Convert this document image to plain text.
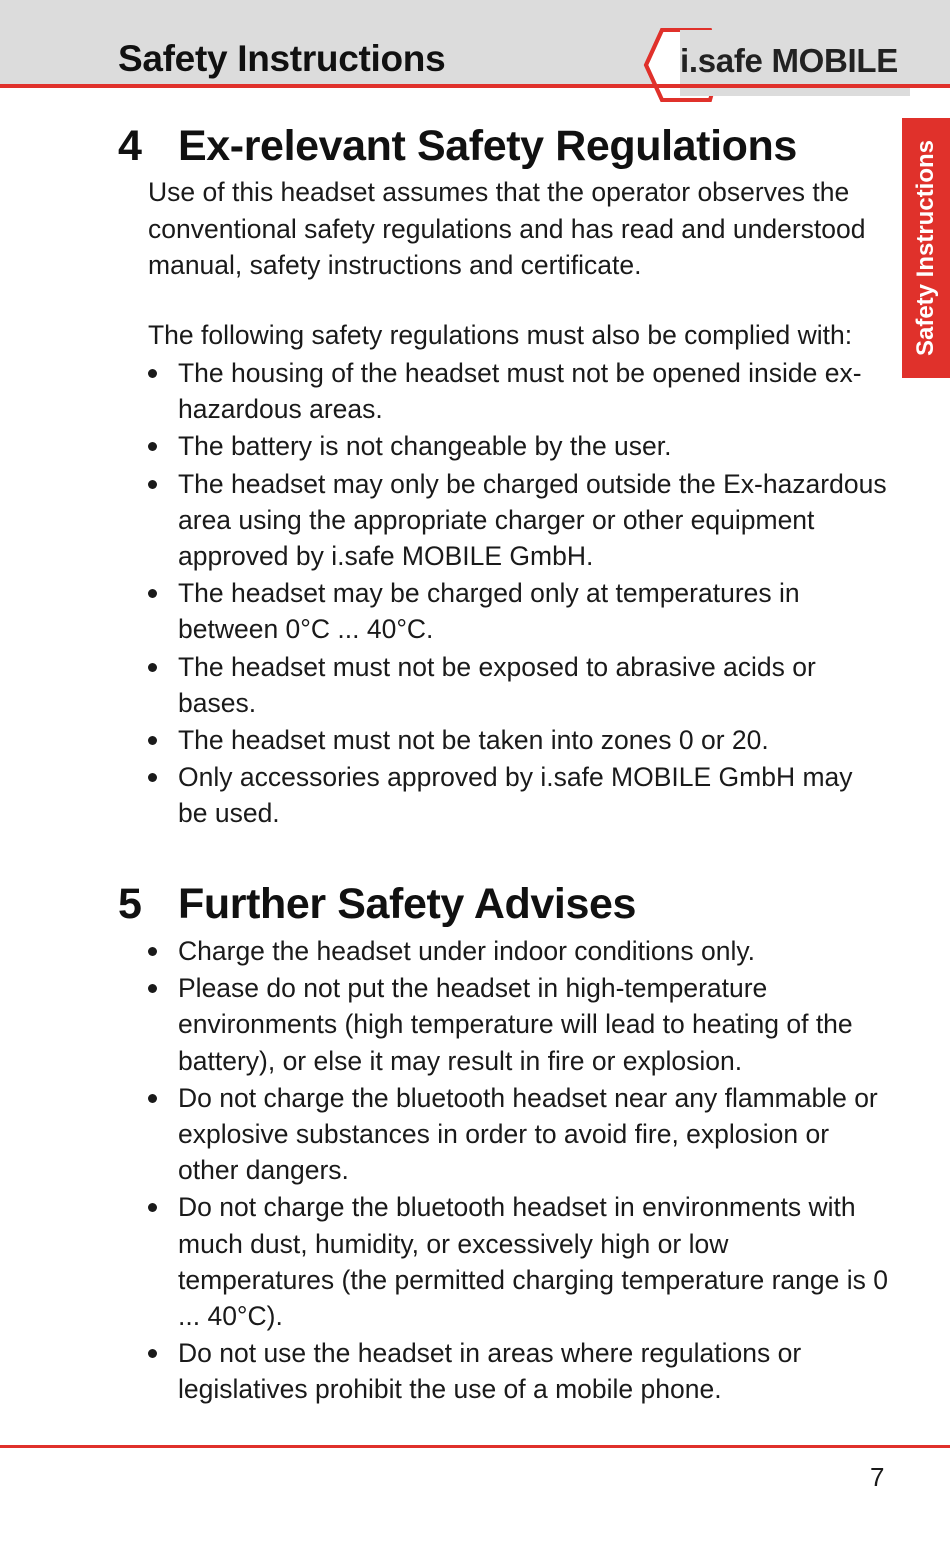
Safety Instructions	i.safe MOBILE
Safety Instructions
4 Ex-relevant Safety Regulations
Use of this headset assumes that the operator observes the conventional safety regulations and has read and understood manual, safety instructions and certificate.
The following safety regulations must also be complied with:
The housing of the headset must not be opened inside ex-hazardous areas.
The battery is not changeable by the user.
The headset may only be charged outside the Ex-hazardous area using the appropriate charger or other equipment approved by i.safe MOBILE GmbH.
The headset may be charged only at temperatures in between 0°C ... 40°C.
The headset must not be exposed to abrasive acids or bases.
The headset must not be taken into zones 0 or 20.
Only accessories approved by i.safe MOBILE GmbH may be used.
5 Further Safety Advises
Charge the headset under indoor conditions only.
Please do not put the headset in high-temperature environments (high temperature will lead to heating of the battery), or else it may result in fire or explosion.
Do not charge the bluetooth headset near any flammable or explosive substances in order to avoid fire, explosion or other dangers.
Do not charge the bluetooth headset in environments with much dust, humidity, or excessively high or low temperatures (the permitted charging temperature range is 0 ... 40°C).
Do not use the headset in areas where regulations or legislatives prohibit the use of a mobile phone.
7
